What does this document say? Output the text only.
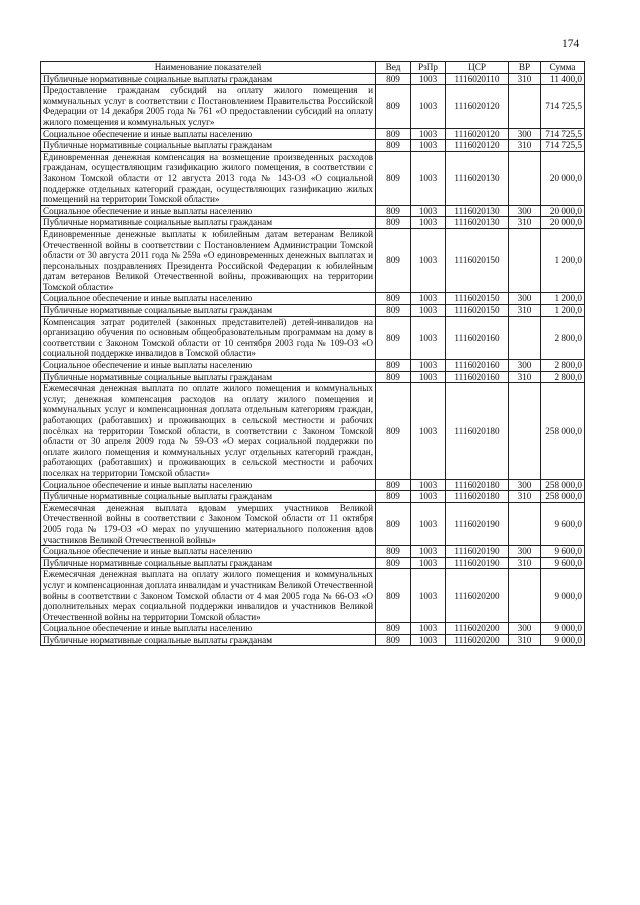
174
Наименование показателей	Вед	РзПр	ЦСР	ВР	Сумма
Публичные нормативные социальные выплаты гражданам	809	1003	1116020110	310	11 400,0
Предоставление гражданам субсидий на оплату жилого помещения и коммунальных услуг в соответствии с Постановлением Правительства Российской Федерации от 14 декабря 2005 года № 761 «О предоставлении субсидий на оплату жилого помещения и коммунальных услуг»	809	1003	1116020120		714 725,5
Социальное обеспечение и иные выплаты населению	809	1003	1116020120	300	714 725,5
Публичные нормативные социальные выплаты гражданам	809	1003	1116020120	310	714 725,5
Единовременная денежная компенсация на возмещение произведенных расходов гражданам, осуществляющим газификацию жилого помещения, в соответствии с Законом Томской области от 12 августа 2013 года № 143-ОЗ «О социальной поддержке отдельных категорий граждан, осуществляющих газификацию жилых помещений на территории Томской области»	809	1003	1116020130		20 000,0
Социальное обеспечение и иные выплаты населению	809	1003	1116020130	300	20 000,0
Публичные нормативные социальные выплаты гражданам	809	1003	1116020130	310	20 000,0
Единовременные денежные выплаты к юбилейным датам ветеранам Великой Отечественной войны в соответствии с Постановлением Администрации Томской области от 30 августа 2011 года № 259а «О единовременных денежных выплатах и персональных поздравлениях Президента Российской Федерации к юбилейным датам ветеранов Великой Отечественной войны, проживающих на территории Томской области»	809	1003	1116020150		1 200,0
Социальное обеспечение и иные выплаты населению	809	1003	1116020150	300	1 200,0
Публичные нормативные социальные выплаты гражданам	809	1003	1116020150	310	1 200,0
Компенсация затрат родителей (законных представителей) детей-инвалидов на организацию обучения по основным общеобразовательным программам на дому в соответствии с Законом Томской области от 10 сентября 2003 года № 109-ОЗ «О социальной поддержке инвалидов в Томской области»	809	1003	1116020160		2 800,0
Социальное обеспечение и иные выплаты населению	809	1003	1116020160	300	2 800,0
Публичные нормативные социальные выплаты гражданам	809	1003	1116020160	310	2 800,0
Ежемесячная денежная выплата по оплате жилого помещения и коммунальных услуг, денежная компенсация расходов на оплату жилого помещения и коммунальных услуг и компенсационная доплата отдельным категориям граждан, работающих (работавших) и проживающих в сельской местности и рабочих посёлках на территории Томской области, в соответствии с Законом Томской области от 30 апреля 2009 года № 59-ОЗ «О мерах социальной поддержки по оплате жилого помещения и коммунальных услуг отдельных категорий граждан, работающих (работавших) и проживающих в сельской местности и рабочих поселках на территории Томской области»	809	1003	1116020180		258 000,0
Социальное обеспечение и иные выплаты населению	809	1003	1116020180	300	258 000,0
Публичные нормативные социальные выплаты гражданам	809	1003	1116020180	310	258 000,0
Ежемесячная денежная выплата вдовам умерших участников Великой Отечественной войны в соответствии с Законом Томской области от 11 октября 2005 года № 179-ОЗ «О мерах по улучшению материального положения вдов участников Великой Отечественной войны»	809	1003	1116020190		9 600,0
Социальное обеспечение и иные выплаты населению	809	1003	1116020190	300	9 600,0
Публичные нормативные социальные выплаты гражданам	809	1003	1116020190	310	9 600,0
Ежемесячная денежная выплата на оплату жилого помещения и коммунальных услуг и компенсационная доплата инвалидам и участникам Великой Отечественной войны в соответствии с Законом Томской области от 4 мая 2005 года № 66-ОЗ «О дополнительных мерах социальной поддержки инвалидов и участников Великой Отечественной войны на территории Томской области»	809	1003	1116020200		9 000,0
Социальное обеспечение и иные выплаты населению	809	1003	1116020200	300	9 000,0
Публичные нормативные социальные выплаты гражданам	809	1003	1116020200	310	9 000,0
